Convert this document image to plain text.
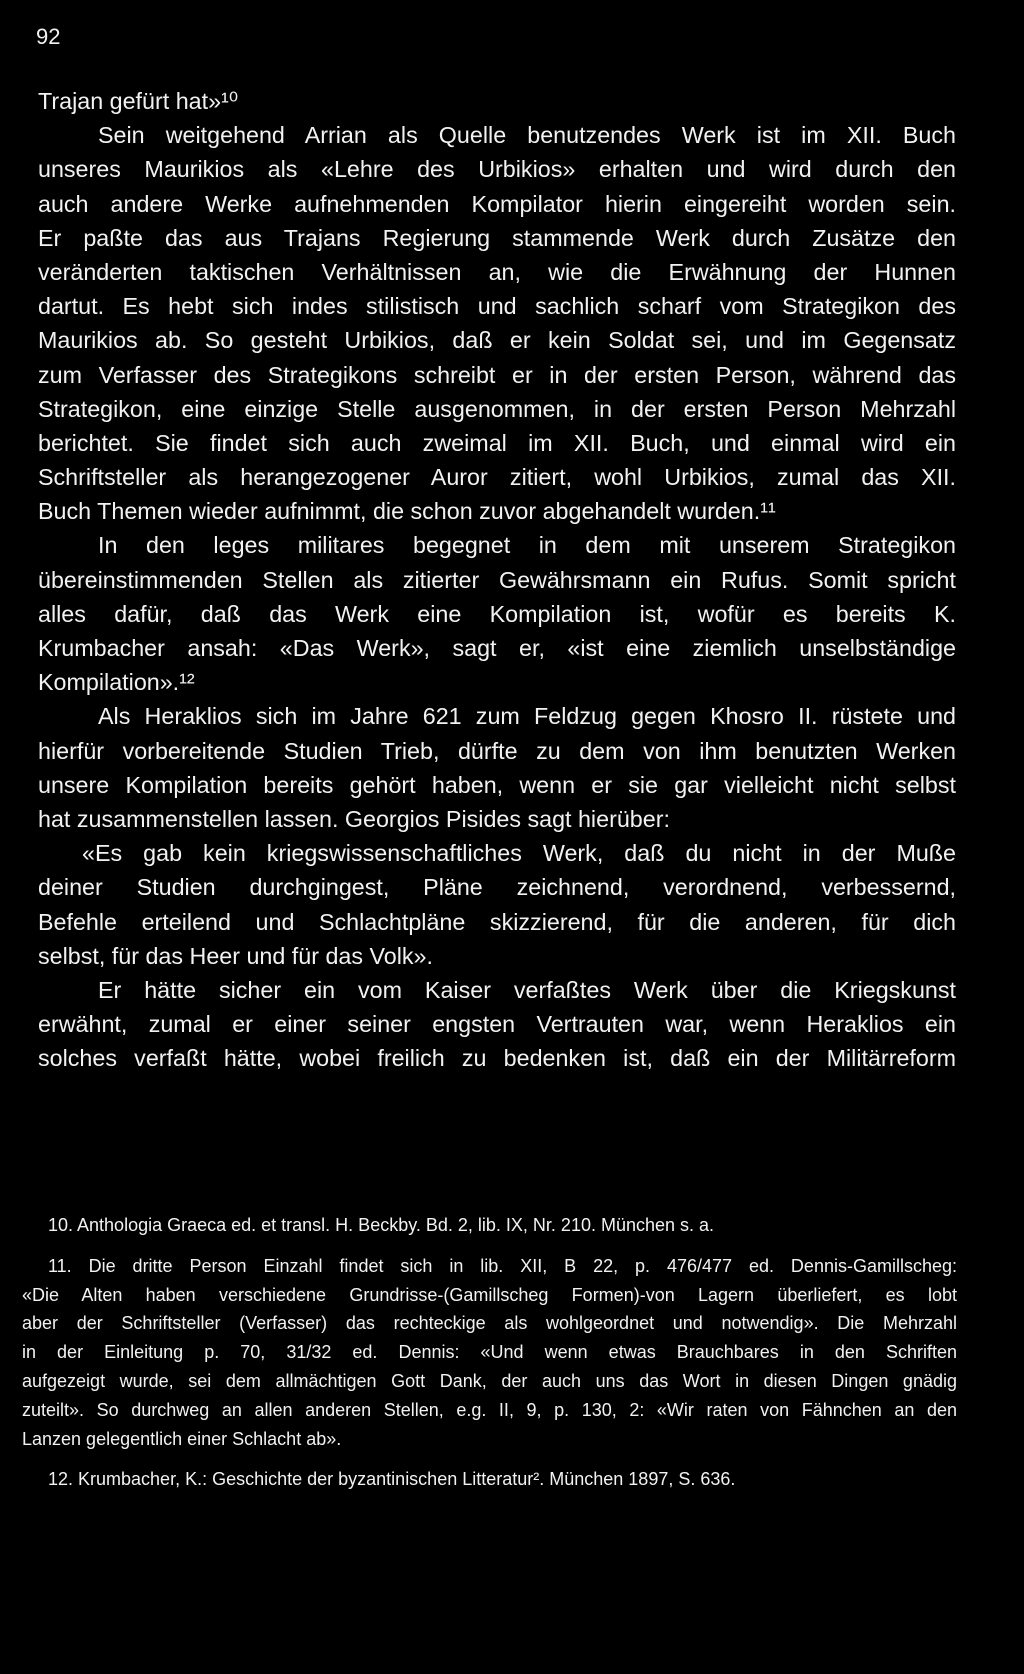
92
Trajan gefürt hat»¹⁰
Sein weitgehend Arrian als Quelle benutzendes Werk ist im XII. Buch
unseres Maurikios als «Lehre des Urbikios» erhalten und wird durch den
auch andere Werke aufnehmenden Kompilator hierin eingereiht worden sein.
Er paßte das aus Trajans Regierung stammende Werk durch Zusätze den
veränderten taktischen Verhältnissen an, wie die Erwähnung der Hunnen
dartut. Es hebt sich indes stilistisch und sachlich scharf vom Strategikon des
Maurikios ab. So gesteht Urbikios, daß er kein Soldat sei, und im Gegensatz
zum Verfasser des Strategikons schreibt er in der ersten Person, während das
Strategikon, eine einzige Stelle ausgenommen, in der ersten Person Mehrzahl
berichtet. Sie findet sich auch zweimal im XII. Buch, und einmal wird ein
Schriftsteller als herangezogener Auror zitiert, wohl Urbikios, zumal das XII.
Buch Themen wieder aufnimmt, die schon zuvor abgehandelt wurden.¹¹
In den leges militares begegnet in dem mit unserem Strategikon
übereinstimmenden Stellen als zitierter Gewährsmann ein Rufus. Somit spricht
alles dafür, daß das Werk eine Kompilation ist, wofür es bereits K.
Krumbacher ansah: «Das Werk», sagt er, «ist eine ziemlich unselbständige
Kompilation».¹²
Als Heraklios sich im Jahre 621 zum Feldzug gegen Khosro II. rüstete und
hierfür vorbereitende Studien Trieb, dürfte zu dem von ihm benutzten Werken
unsere Kompilation bereits gehört haben, wenn er sie gar vielleicht nicht selbst
hat zusammenstellen lassen. Georgios Pisides sagt hierüber:
«Es gab kein kriegswissenschaftliches Werk, daß du nicht in der Muße
deiner Studien durchgingest, Pläne zeichnend, verordnend, verbessernd,
Befehle erteilend und Schlachtpläne skizzierend, für die anderen, für dich
selbst, für das Heer und für das Volk».
Er hätte sicher ein vom Kaiser verfaßtes Werk über die Kriegskunst
erwähnt, zumal er einer seiner engsten Vertrauten war, wenn Heraklios ein
solches verfaßt hätte, wobei freilich zu bedenken ist, daß ein der Militärreform
10. Anthologia Graeca ed. et transl. H. Beckby. Bd. 2, lib. IX, Nr. 210. München s. a.
11. Die dritte Person Einzahl findet sich in lib. XII, B 22, p. 476/477 ed. Dennis-Gamillscheg:
«Die Alten haben verschiedene Grundrisse-(Gamillscheg Formen)-von Lagern überliefert, es lobt
aber der Schriftsteller (Verfasser) das rechteckige als wohlgeordnet und notwendig». Die Mehrzahl
in der Einleitung p. 70, 31/32 ed. Dennis: «Und wenn etwas Brauchbares in den Schriften
aufgezeigt wurde, sei dem allmächtigen Gott Dank, der auch uns das Wort in diesen Dingen gnädig
zuteilt». So durchweg an allen anderen Stellen, e.g. II, 9, p. 130, 2: «Wir raten von Fähnchen an den
Lanzen gelegentlich einer Schlacht ab».
12. Krumbacher, K.: Geschichte der byzantinischen Litteratur². München 1897, S. 636.
